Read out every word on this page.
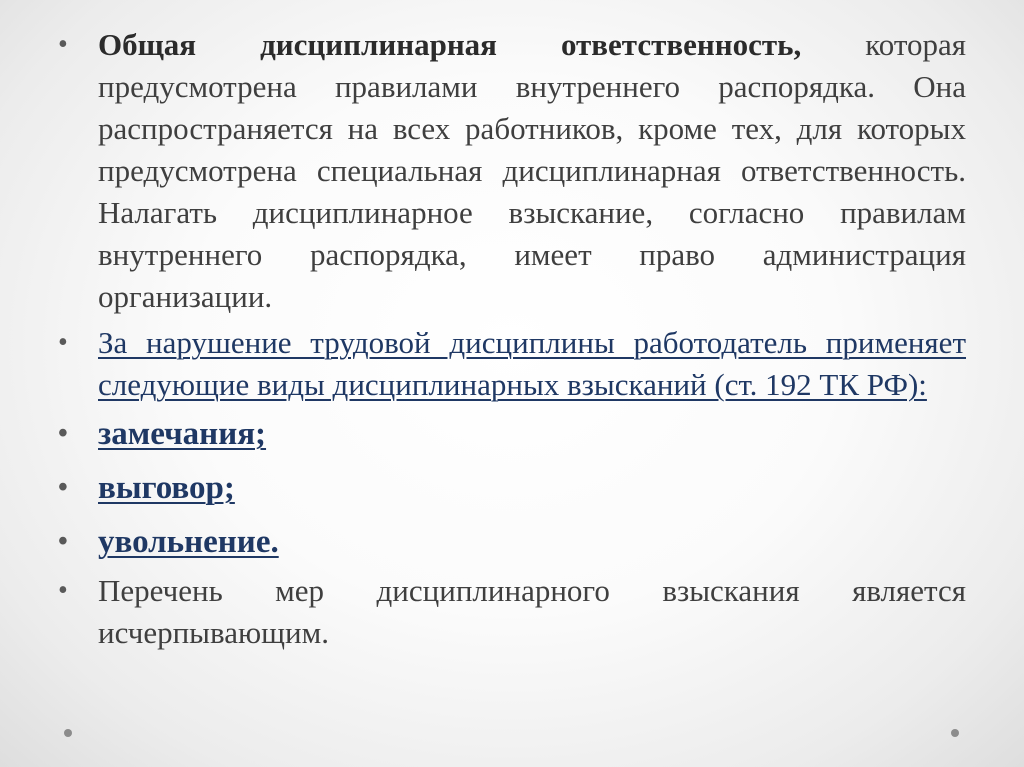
• Общая дисциплинарная ответственность, которая предусмотрена правилами внутреннего распорядка. Она распространяется на всех работников, кроме тех, для которых предусмотрена специальная дисциплинарная ответственность. Налагать дисциплинарное взыскание, согласно правилам внутреннего распорядка, имеет право администрация организации.
• За нарушение трудовой дисциплины работодатель применяет следующие виды дисциплинарных взысканий (ст. 192 ТК РФ):
• замечания;
• выговор;
• увольнение.
• Перечень мер дисциплинарного взыскания является исчерпывающим.
